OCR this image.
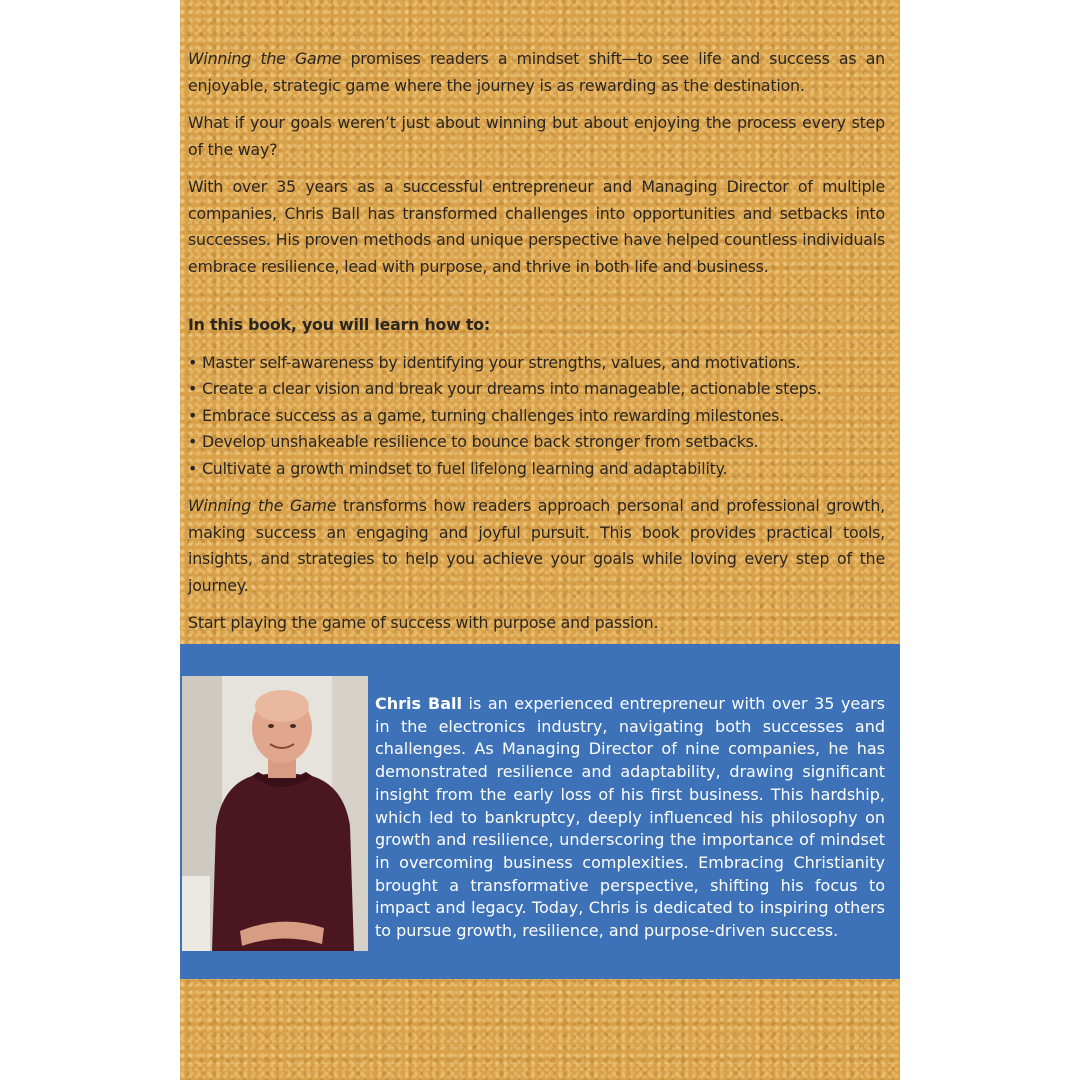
Winning the Game promises readers a mindset shift—to see life and success as an enjoyable, strategic game where the journey is as rewarding as the destination.

What if your goals weren’t just about winning but about enjoying the process every step of the way?

With over 35 years as a successful entrepreneur and Managing Director of multiple companies, Chris Ball has transformed challenges into opportunities and setbacks into successes. His proven methods and unique perspective have helped countless individuals embrace resilience, lead with purpose, and thrive in both life and business.

In this book, you will learn how to:

• Master self-awareness by identifying your strengths, values, and motivations.
• Create a clear vision and break your dreams into manageable, actionable steps.
• Embrace success as a game, turning challenges into rewarding milestones.
• Develop unshakeable resilience to bounce back stronger from setbacks.
• Cultivate a growth mindset to fuel lifelong learning and adaptability.

Winning the Game transforms how readers approach personal and professional growth, making success an engaging and joyful pursuit. This book provides practical tools, insights, and strategies to help you achieve your goals while loving every step of the journey.

Start playing the game of success with purpose and passion.

Chris Ball is an experienced entrepreneur with over 35 years in the electronics industry, navigating both successes and challenges. As Managing Director of nine companies, he has demonstrated resilience and adaptability, drawing significant insight from the early loss of his first business. This hardship, which led to bankruptcy, deeply influenced his philosophy on growth and resilience, underscoring the importance of mindset in overcoming business complexities. Embracing Christianity brought a transformative perspective, shifting his focus to impact and legacy. Today, Chris is dedicated to inspiring others to pursue growth, resilience, and purpose-driven success.
